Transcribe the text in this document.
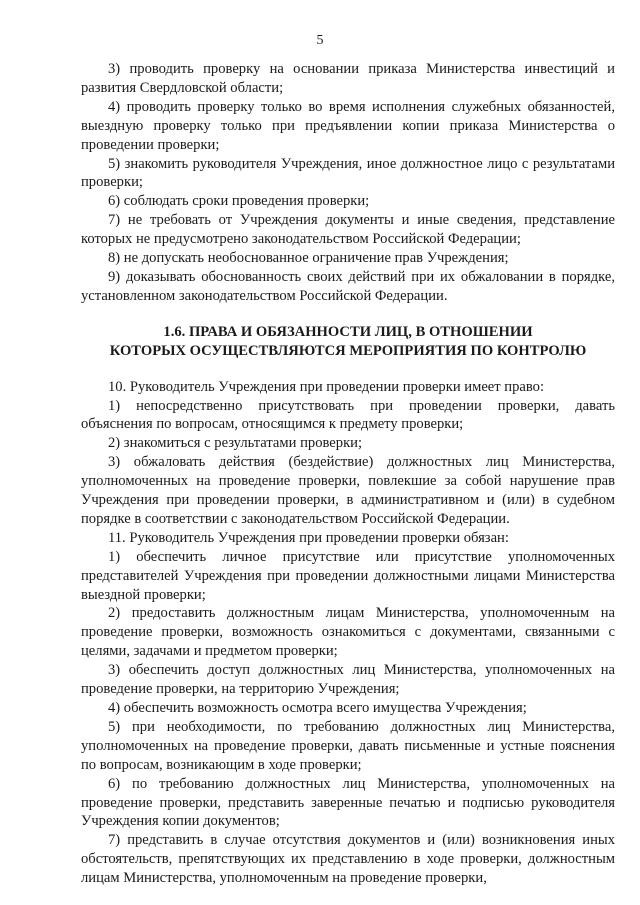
5

3) проводить проверку на основании приказа Министерства инвестиций и развития Свердловской области;

4) проводить проверку только во время исполнения служебных обязанностей, выездную проверку только при предъявлении копии приказа Министерства о проведении проверки;

5) знакомить руководителя Учреждения, иное должностное лицо с результатами проверки;

6) соблюдать сроки проведения проверки;

7) не требовать от Учреждения документы и иные сведения, представление которых не предусмотрено законодательством Российской Федерации;

8) не допускать необоснованное ограничение прав Учреждения;

9) доказывать обоснованность своих действий при их обжаловании в порядке, установленном законодательством Российской Федерации.

1.6. ПРАВА И ОБЯЗАННОСТИ ЛИЦ, В ОТНОШЕНИИ
КОТОРЫХ ОСУЩЕСТВЛЯЮТСЯ МЕРОПРИЯТИЯ ПО КОНТРОЛЮ

10. Руководитель Учреждения при проведении проверки имеет право:

1) непосредственно присутствовать при проведении проверки, давать объяснения по вопросам, относящимся к предмету проверки;

2) знакомиться с результатами проверки;

3) обжаловать действия (бездействие) должностных лиц Министерства, уполномоченных на проведение проверки, повлекшие за собой нарушение прав Учреждения при проведении проверки, в административном и (или) в судебном порядке в соответствии с законодательством Российской Федерации.

11. Руководитель Учреждения при проведении проверки обязан:

1) обеспечить личное присутствие или присутствие уполномоченных представителей Учреждения при проведении должностными лицами Министерства выездной проверки;

2) предоставить должностным лицам Министерства, уполномоченным на проведение проверки, возможность ознакомиться с документами, связанными с целями, задачами и предметом проверки;

3) обеспечить доступ должностных лиц Министерства, уполномоченных на проведение проверки, на территорию Учреждения;

4) обеспечить возможность осмотра всего имущества Учреждения;

5) при необходимости, по требованию должностных лиц Министерства, уполномоченных на проведение проверки, давать письменные и устные пояснения по вопросам, возникающим в ходе проверки;

6) по требованию должностных лиц Министерства, уполномоченных на проведение проверки, представить заверенные печатью и подписью руководителя Учреждения копии документов;

7) представить в случае отсутствия документов и (или) возникновения иных обстоятельств, препятствующих их представлению в ходе проверки, должностным лицам Министерства, уполномоченным на проведение проверки,
